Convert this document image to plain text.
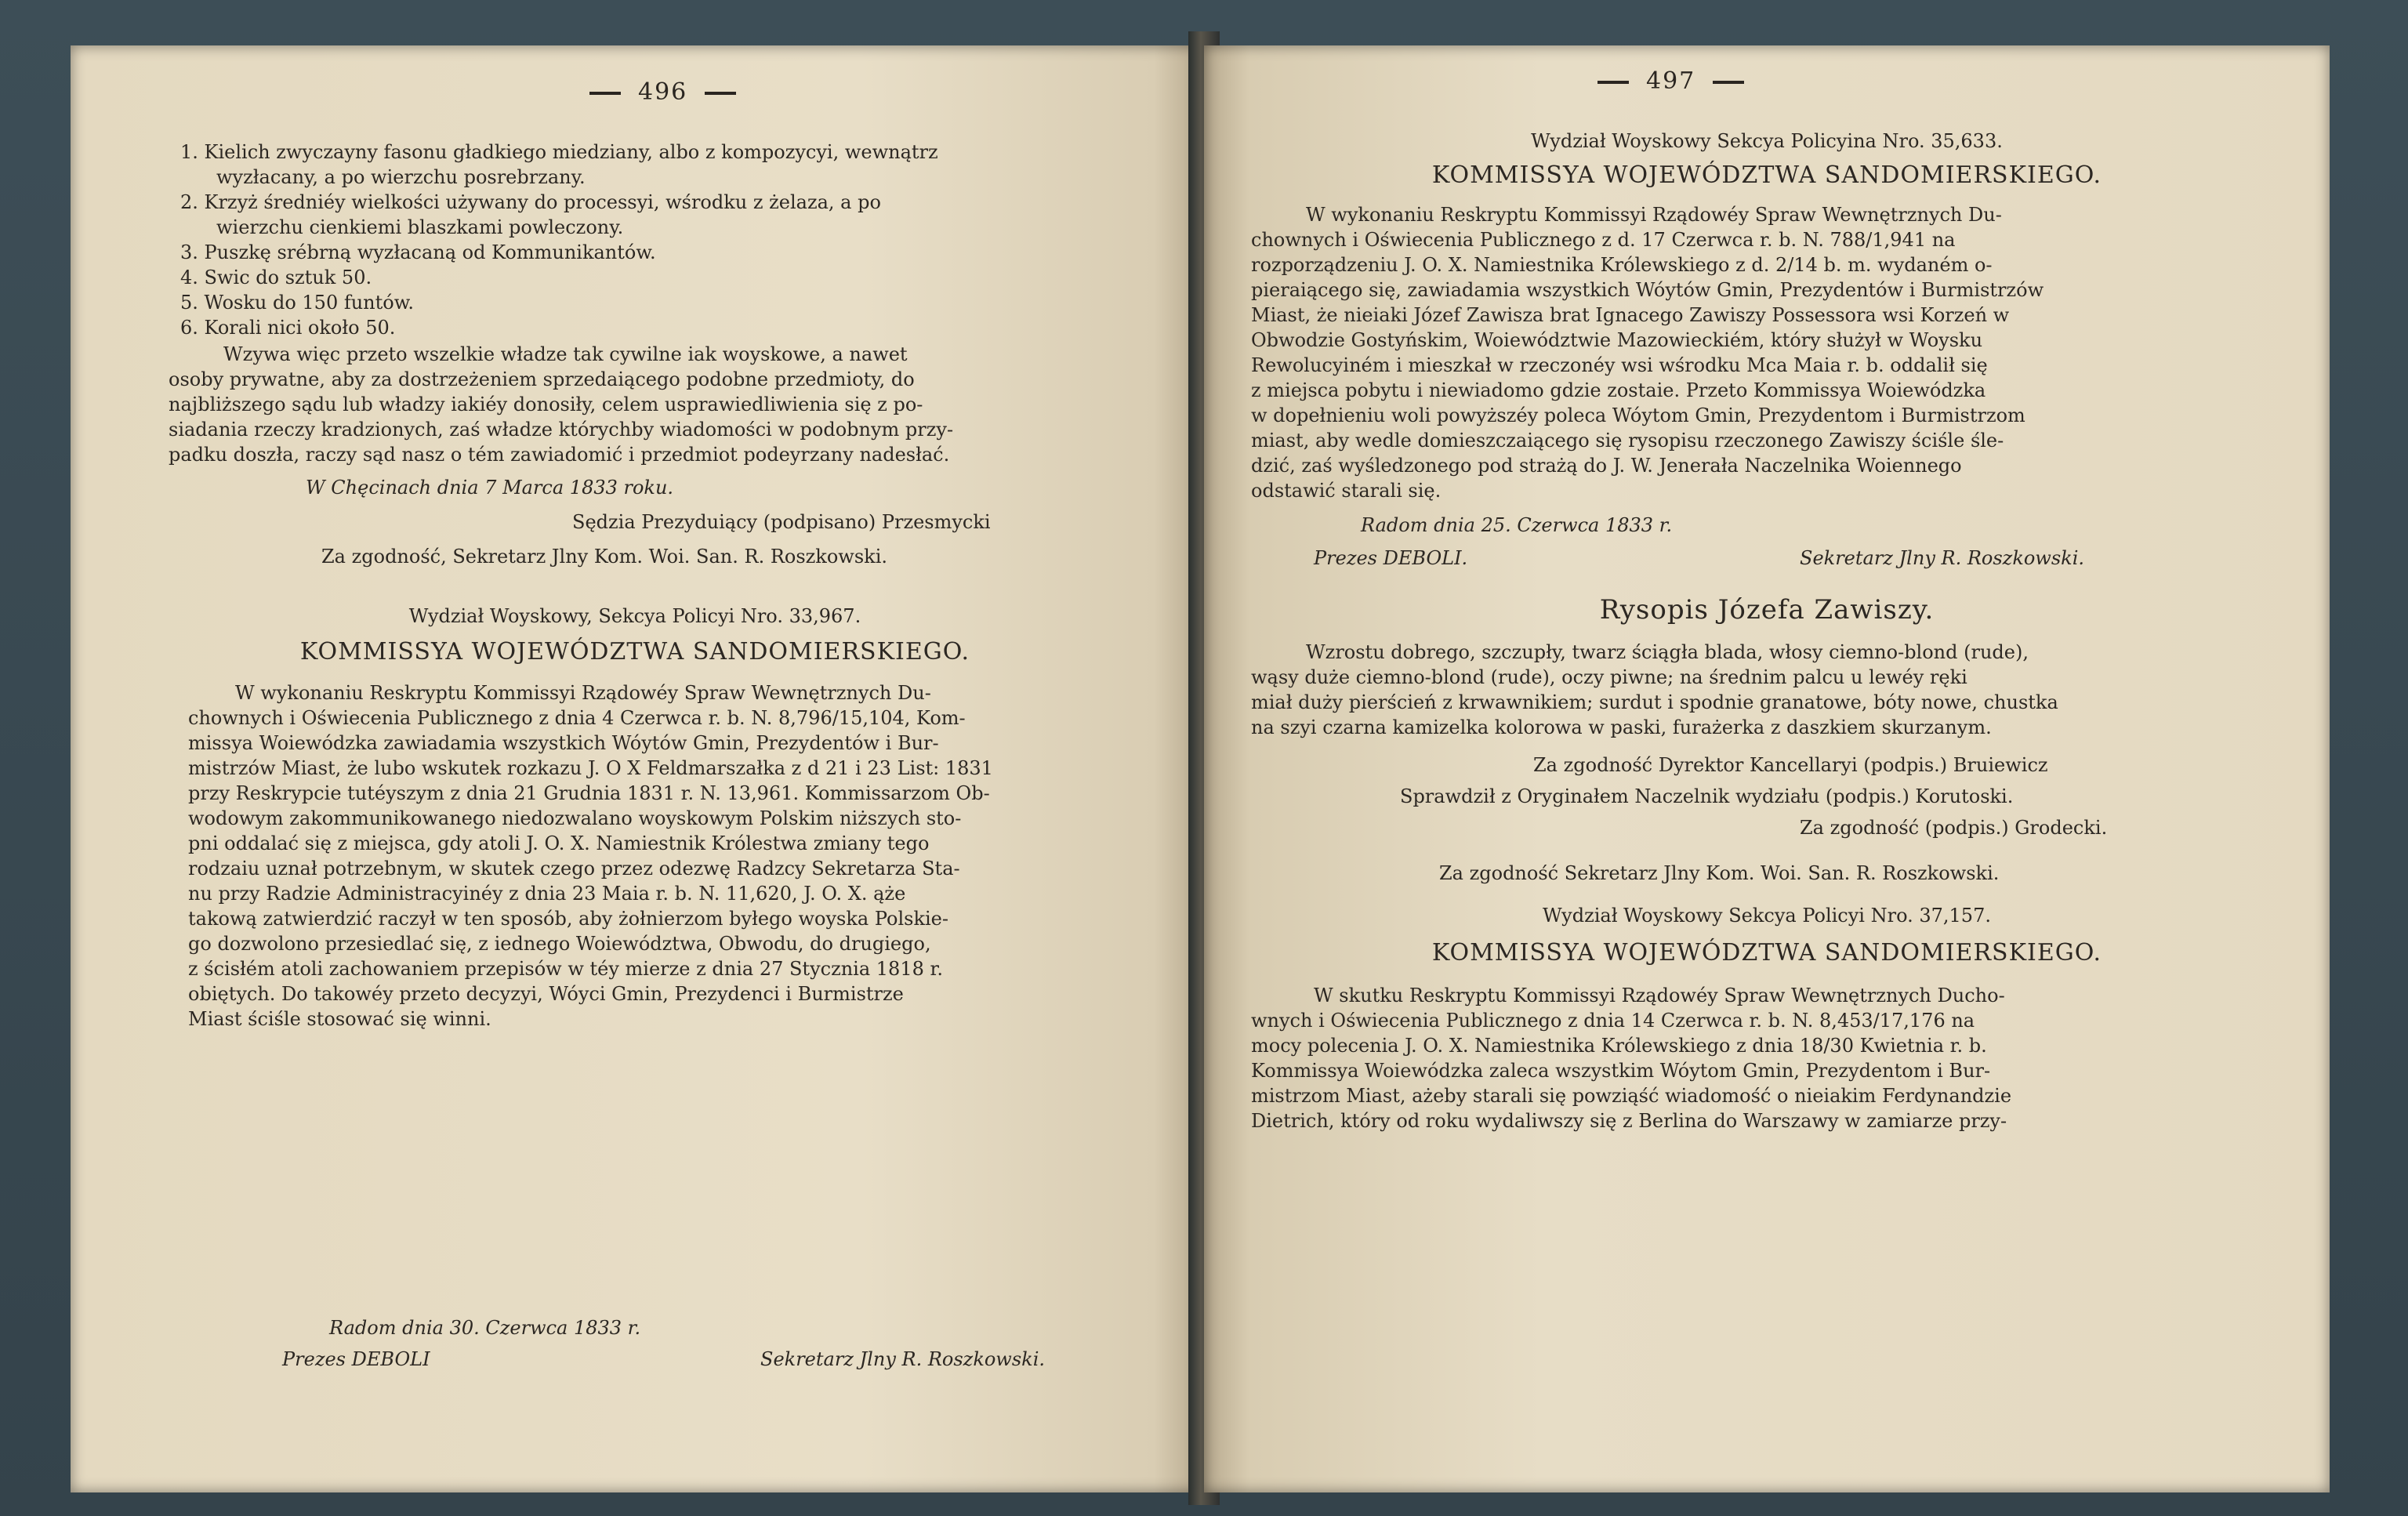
496
1. Kielich zwyczayny fasonu gładkiego miedziany, albo z kompozycyi, wewnątrz
wyzłacany, a po wierzchu posrebrzany.
2. Krzyż średniéy wielkości używany do processyi, wśrodku z żelaza, a po
wierzchu cienkiemi blaszkami powleczony.
3. Puszkę srébrną wyzłacaną od Kommunikantów.
4. Swic do sztuk 50.
5. Wosku do 150 funtów.
6. Korali nici około 50.
Wzywa więc przeto wszelkie władze tak cywilne iak woyskowe, a nawet
osoby prywatne, aby za dostrzeżeniem sprzedaiącego podobne przedmioty, do
najbliższego sądu lub władzy iakiéy donosiły, celem usprawiedliwienia się z po-
siadania rzeczy kradzionych, zaś władze którychby wiadomości w podobnym przy-
padku doszła, raczy sąd nasz o tém zawiadomić i przedmiot podeyrzany nadesłać.
W Chęcinach dnia 7 Marca 1833 roku.
Sędzia Prezyduiący (podpisano) Przesmycki
Za zgodność, Sekretarz Jlny Kom. Woi. San. R. Roszkowski.
Wydział Woyskowy, Sekcya Policyi Nro. 33,967.
KOMMISSYA WOJEWÓDZTWA SANDOMIERSKIEGO.
W wykonaniu Reskryptu Kommissyi Rządowéy Spraw Wewnętrznych Du-
chownych i Oświecenia Publicznego z dnia 4 Czerwca r. b. N. 8,796/15,104, Kom-
missya Woiewódzka zawiadamia wszystkich Wóytów Gmin, Prezydentów i Bur-
mistrzów Miast, że lubo wskutek rozkazu J. O X Feldmarszałka z d 21 i 23 List: 1831
przy Reskrypcie tutéyszym z dnia 21 Grudnia 1831 r. N. 13,961. Kommissarzom Ob-
wodowym zakommunikowanego niedozwalano woyskowym Polskim niższych sto-
pni oddalać się z miejsca, gdy atoli J. O. X. Namiestnik Królestwa zmiany tego
rodzaiu uznał potrzebnym, w skutek czego przez odezwę Radzcy Sekretarza Sta-
nu przy Radzie Administracyinéy z dnia 23 Maia r. b. N. 11,620, J. O. X. ąże
takową zatwierdzić raczył w ten sposób, aby żołnierzom byłego woyska Polskie-
go dozwolono przesiedlać się, z iednego Woiewództwa, Obwodu, do drugiego,
z ścisłém atoli zachowaniem przepisów w téy mierze z dnia 27 Stycznia 1818 r.
obiętych. Do takowéy przeto decyzyi, Wóyci Gmin, Prezydenci i Burmistrze
Miast ściśle stosować się winni.
Radom dnia 30. Czerwca 1833 r.
Prezes DEBOLI	Sekretarz Jlny R. Roszkowski.
497
Wydział Woyskowy Sekcya Policyina Nro. 35,633.
KOMMISSYA WOJEWÓDZTWA SANDOMIERSKIEGO.
W wykonaniu Reskryptu Kommissyi Rządowéy Spraw Wewnętrznych Du-
chownych i Oświecenia Publicznego z d. 17 Czerwca r. b. N. 788/1,941 na
rozporządzeniu J. O. X. Namiestnika Królewskiego z d. 2/14 b. m. wydaném o-
pieraiącego się, zawiadamia wszystkich Wóytów Gmin, Prezydentów i Burmistrzów
Miast, że nieiaki Józef Zawisza brat Ignacego Zawiszy Possessora wsi Korzeń w
Obwodzie Gostyńskim, Woiewództwie Mazowieckiém, który służył w Woysku
Rewolucyiném i mieszkał w rzeczonéy wsi wśrodku Mca Maia r. b. oddalił się
z miejsca pobytu i niewiadomo gdzie zostaie. Przeto Kommissya Woiewódzka
w dopełnieniu woli powyższéy poleca Wóytom Gmin, Prezydentom i Burmistrzom
miast, aby wedle domieszczaiącego się rysopisu rzeczonego Zawiszy ściśle śle-
dzić, zaś wyśledzonego pod strażą do J. W. Jenerała Naczelnika Woiennego
odstawić starali się.
Radom dnia 25. Czerwca 1833 r.
Prezes DEBOLI.	Sekretarz Jlny R. Roszkowski.
Rysopis Józefa Zawiszy.
Wzrostu dobrego, szczupły, twarz ściągła blada, włosy ciemno-blond (rude),
wąsy duże ciemno-blond (rude), oczy piwne; na średnim palcu u lewéy ręki
miał duży pierścień z krwawnikiem; surdut i spodnie granatowe, bóty nowe, chustka
na szyi czarna kamizelka kolorowa w paski, furażerka z daszkiem skurzanym.
Za zgodność Dyrektor Kancellaryi (podpis.) Bruiewicz
Sprawdził z Oryginałem Naczelnik wydziału (podpis.) Korutoski.
Za zgodność (podpis.) Grodecki.
Za zgodność Sekretarz Jlny Kom. Woi. San. R. Roszkowski.
Wydział Woyskowy Sekcya Policyi Nro. 37,157.
KOMMISSYA WOJEWÓDZTWA SANDOMIERSKIEGO.
W skutku Reskryptu Kommissyi Rządowéy Spraw Wewnętrznych Ducho-
wnych i Oświecenia Publicznego z dnia 14 Czerwca r. b. N. 8,453/17,176 na
mocy polecenia J. O. X. Namiestnika Królewskiego z dnia 18/30 Kwietnia r. b.
Kommissya Woiewódzka zaleca wszystkim Wóytom Gmin, Prezydentom i Bur-
mistrzom Miast, ażeby starali się powziąść wiadomość o nieiakim Ferdynandzie
Dietrich, który od roku wydaliwszy się z Berlina do Warszawy w zamiarze przy-
